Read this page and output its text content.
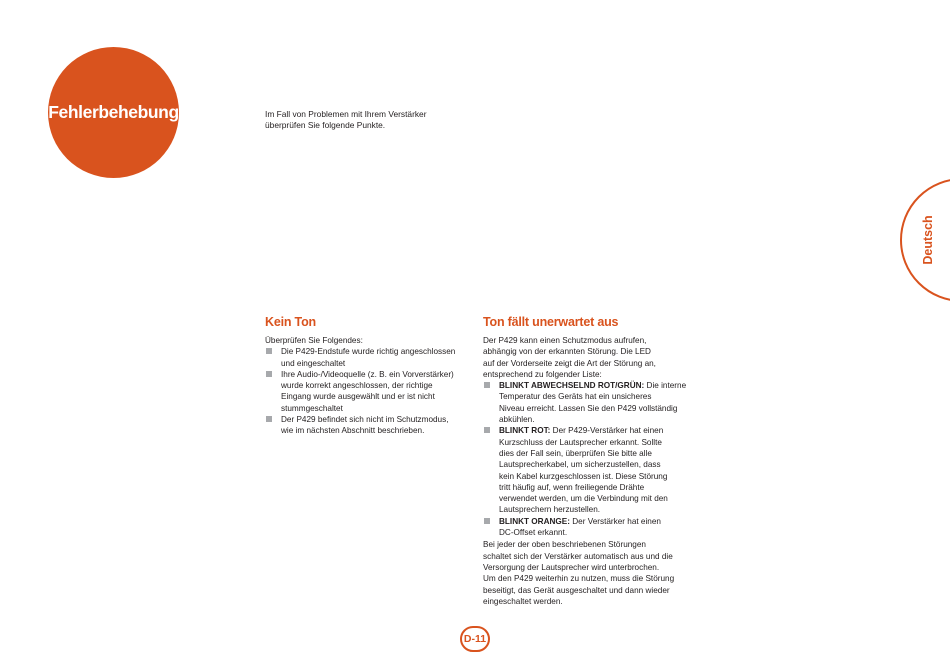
Fehlerbehebung	Im Fall von Problemen mit Ihrem Verstärker
überprüfen Sie folgende Punkte.
Deutsch
Kein Ton

Überprüfen Sie Folgendes:

Die P429-Endstufe wurde richtig angeschlossen
und eingeschaltet
Ihre Audio-/Videoquelle (z. B. ein Vorverstärker)
wurde korrekt angeschlossen, der richtige
Eingang wurde ausgewählt und er ist nicht
stummgeschaltet
Der P429 befindet sich nicht im Schutzmodus,
wie im nächsten Abschnitt beschrieben.
Ton fällt unerwartet aus

Der P429 kann einen Schutzmodus aufrufen,
abhängig von der erkannten Störung. Die LED
auf der Vorderseite zeigt die Art der Störung an,
entsprechend zu folgender Liste:

BLINKT ABWECHSELND ROT/GRÜN: Die interne
Temperatur des Geräts hat ein unsicheres
Niveau erreicht. Lassen Sie den P429 vollständig
abkühlen.
BLINKT ROT: Der P429-Verstärker hat einen
Kurzschluss der Lautsprecher erkannt. Sollte
dies der Fall sein, überprüfen Sie bitte alle
Lautsprecherkabel, um sicherzustellen, dass
kein Kabel kurzgeschlossen ist. Diese Störung
tritt häufig auf, wenn freiliegende Drähte
verwendet werden, um die Verbindung mit den
Lautsprechern herzustellen.
BLINKT ORANGE: Der Verstärker hat einen
DC-Offset erkannt.

Bei jeder der oben beschriebenen Störungen
schaltet sich der Verstärker automatisch aus und die
Versorgung der Lautsprecher wird unterbrochen.
Um den P429 weiterhin zu nutzen, muss die Störung
beseitigt, das Gerät ausgeschaltet und dann wieder
eingeschaltet werden.

D-11
